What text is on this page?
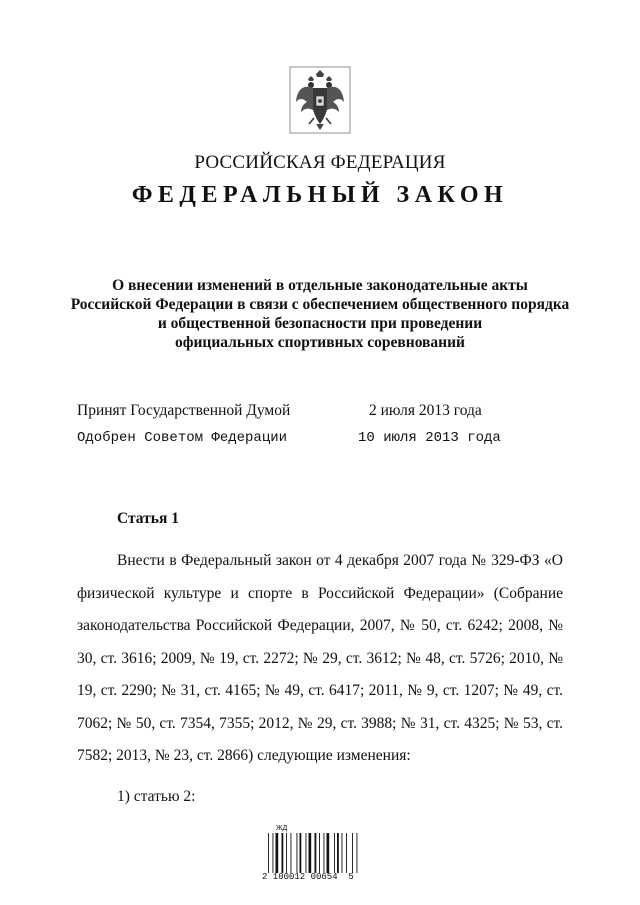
РОССИЙСКАЯ ФЕДЕРАЦИЯ
ФЕДЕРАЛЬНЫЙ ЗАКОН
О внесении изменений в отдельные законодательные акты
Российской Федерации в связи с обеспечением общественного порядка
и общественной безопасности при проведении
официальных спортивных соревнований
Принят Государственной Думой	2 июля 2013 года
Одобрен Советом Федерации	10 июля 2013 года
Статья 1
Внести в Федеральный закон от 4 декабря 2007 года № 329-ФЗ «О физической культуре и спорте в Российской Федерации» (Собрание законодательства Российской Федерации, 2007, № 50, ст. 6242; 2008, № 30, ст. 3616; 2009, № 19, ст. 2272; № 29, ст. 3612; № 48, ст. 5726; 2010, № 19, ст. 2290; № 31, ст. 4165; № 49, ст. 6417; 2011, № 9, ст. 1207; № 49, ст. 7062; № 50, ст. 7354, 7355; 2012, № 29, ст. 3988; № 31, ст. 4325; № 53, ст. 7582; 2013, № 23, ст. 2866) следующие изменения:
1) статью 2:
ЖД
2 100012 00654  5
